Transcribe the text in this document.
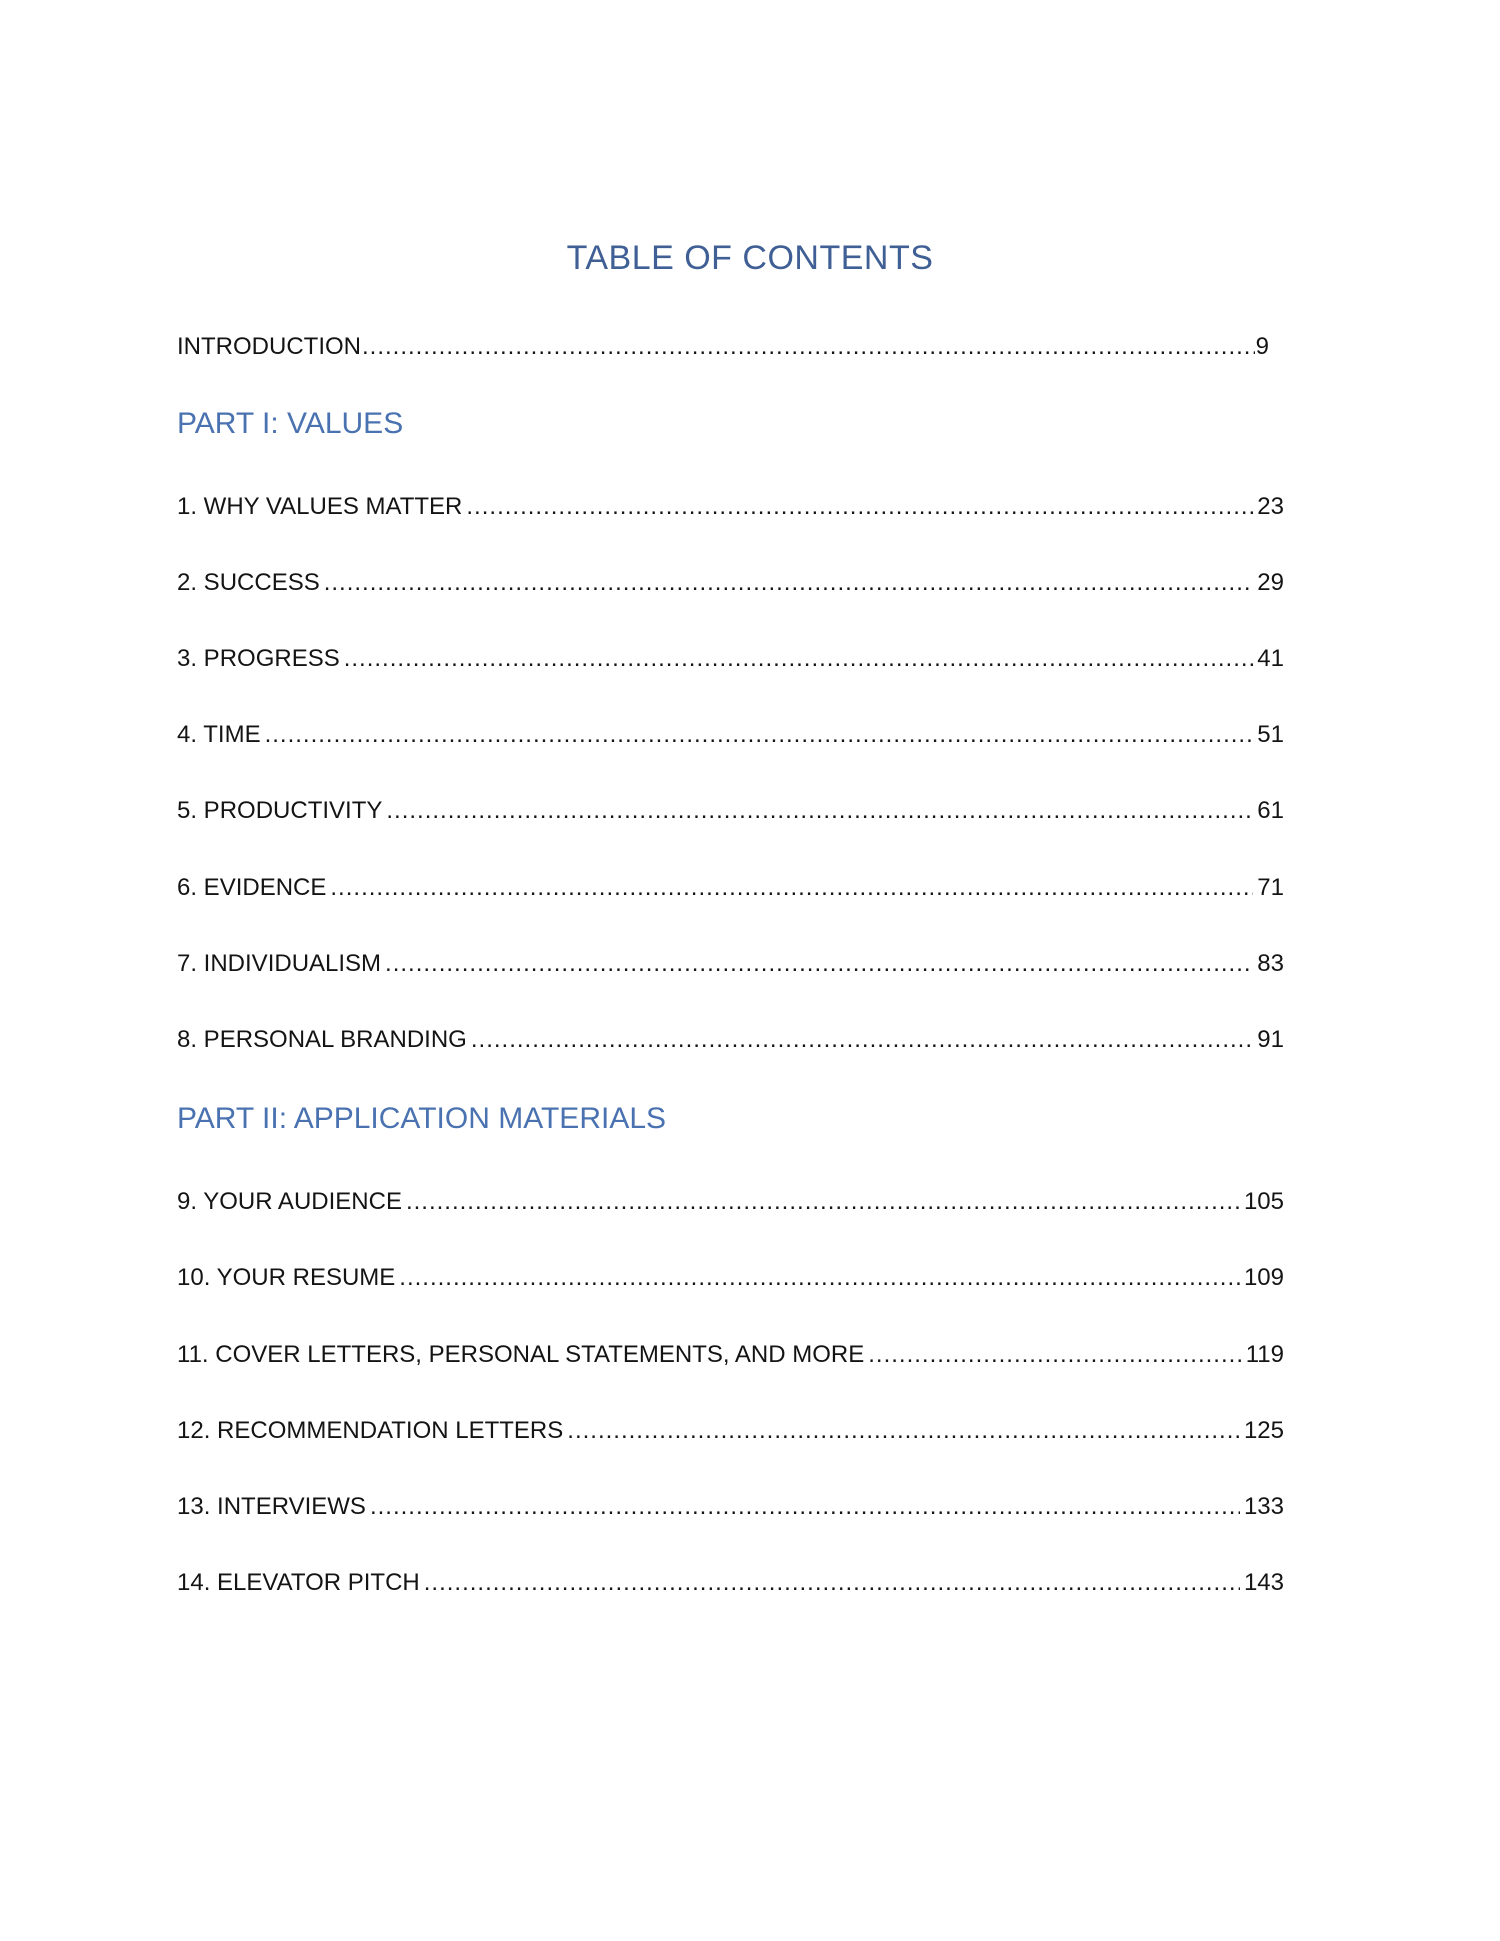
TABLE OF CONTENTS
INTRODUCTION .....	9
PART I: VALUES
1. WHY VALUES MATTER .....	23
2. SUCCESS .....	29
3. PROGRESS .....	41
4. TIME .....	51
5. PRODUCTIVITY .....	61
6. EVIDENCE .....	71
7. INDIVIDUALISM .....	83
8. PERSONAL BRANDING .....	91
PART II: APPLICATION MATERIALS
9. YOUR AUDIENCE .....	105
10. YOUR RESUME .....	109
11. COVER LETTERS, PERSONAL STATEMENTS, AND MORE .....	119
12. RECOMMENDATION LETTERS .....	125
13. INTERVIEWS .....	133
14. ELEVATOR PITCH .....	143
